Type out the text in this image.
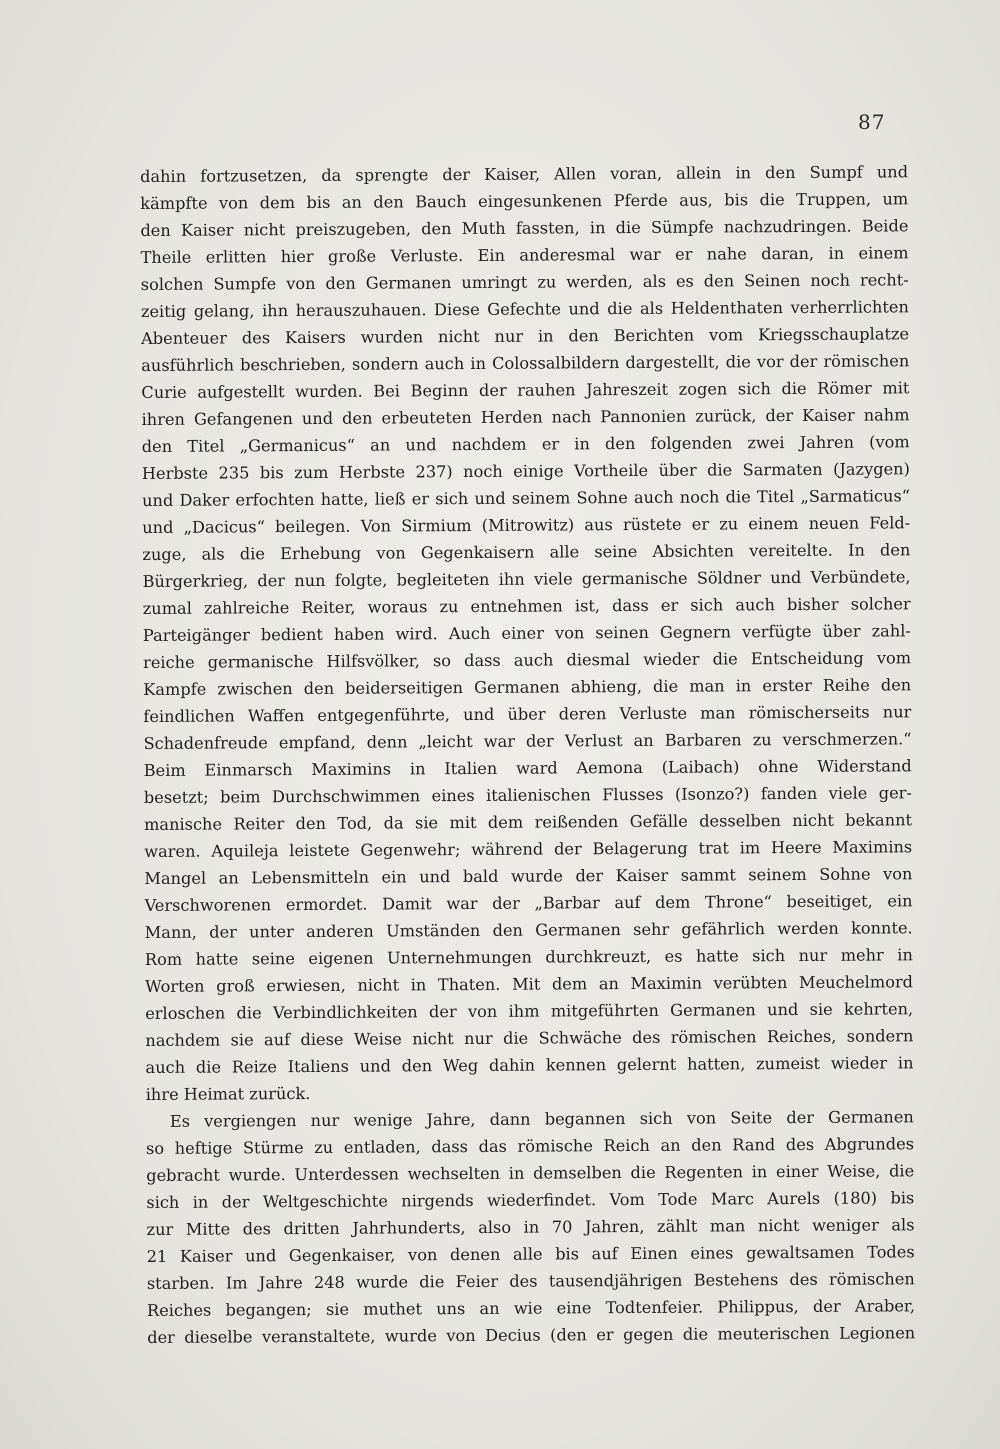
87
dahin fortzusetzen, da sprengte der Kaiser, Allen voran, allein in den Sumpf und
kämpfte von dem bis an den Bauch eingesunkenen Pferde aus, bis die Truppen, um
den Kaiser nicht preiszugeben, den Muth fassten, in die Sümpfe nachzudringen. Beide
Theile erlitten hier große Verluste. Ein anderesmal war er nahe daran, in einem
solchen Sumpfe von den Germanen umringt zu werden, als es den Seinen noch recht-
zeitig gelang, ihn herauszuhauen. Diese Gefechte und die als Heldenthaten verherrlichten
Abenteuer des Kaisers wurden nicht nur in den Berichten vom Kriegsschauplatze
ausführlich beschrieben, sondern auch in Colossalbildern dargestellt, die vor der römischen
Curie aufgestellt wurden. Bei Beginn der rauhen Jahreszeit zogen sich die Römer mit
ihren Gefangenen und den erbeuteten Herden nach Pannonien zurück, der Kaiser nahm
den Titel „Germanicus“ an und nachdem er in den folgenden zwei Jahren (vom
Herbste 235 bis zum Herbste 237) noch einige Vortheile über die Sarmaten (Jazygen)
und Daker erfochten hatte, ließ er sich und seinem Sohne auch noch die Titel „Sarmaticus“
und „Dacicus“ beilegen. Von Sirmium (Mitrowitz) aus rüstete er zu einem neuen Feld-
zuge, als die Erhebung von Gegenkaisern alle seine Absichten vereitelte. In den
Bürgerkrieg, der nun folgte, begleiteten ihn viele germanische Söldner und Verbündete,
zumal zahlreiche Reiter, woraus zu entnehmen ist, dass er sich auch bisher solcher
Parteigänger bedient haben wird. Auch einer von seinen Gegnern verfügte über zahl-
reiche germanische Hilfsvölker, so dass auch diesmal wieder die Entscheidung vom
Kampfe zwischen den beiderseitigen Germanen abhieng, die man in erster Reihe den
feindlichen Waffen entgegenführte, und über deren Verluste man römischerseits nur
Schadenfreude empfand, denn „leicht war der Verlust an Barbaren zu verschmerzen.“
Beim Einmarsch Maximins in Italien ward Aemona (Laibach) ohne Widerstand
besetzt; beim Durchschwimmen eines italienischen Flusses (Isonzo?) fanden viele ger-
manische Reiter den Tod, da sie mit dem reißenden Gefälle desselben nicht bekannt
waren. Aquileja leistete Gegenwehr; während der Belagerung trat im Heere Maximins
Mangel an Lebensmitteln ein und bald wurde der Kaiser sammt seinem Sohne von
Verschworenen ermordet. Damit war der „Barbar auf dem Throne“ beseitiget, ein
Mann, der unter anderen Umständen den Germanen sehr gefährlich werden konnte.
Rom hatte seine eigenen Unternehmungen durchkreuzt, es hatte sich nur mehr in
Worten groß erwiesen, nicht in Thaten. Mit dem an Maximin verübten Meuchelmord
erloschen die Verbindlichkeiten der von ihm mitgeführten Germanen und sie kehrten,
nachdem sie auf diese Weise nicht nur die Schwäche des römischen Reiches, sondern
auch die Reize Italiens und den Weg dahin kennen gelernt hatten, zumeist wieder in
ihre Heimat zurück.
Es vergiengen nur wenige Jahre, dann begannen sich von Seite der Germanen
so heftige Stürme zu entladen, dass das römische Reich an den Rand des Abgrundes
gebracht wurde. Unterdessen wechselten in demselben die Regenten in einer Weise, die
sich in der Weltgeschichte nirgends wiederfindet. Vom Tode Marc Aurels (180) bis
zur Mitte des dritten Jahrhunderts, also in 70 Jahren, zählt man nicht weniger als
21 Kaiser und Gegenkaiser, von denen alle bis auf Einen eines gewaltsamen Todes
starben. Im Jahre 248 wurde die Feier des tausendjährigen Bestehens des römischen
Reiches begangen; sie muthet uns an wie eine Todtenfeier. Philippus, der Araber,
der dieselbe veranstaltete, wurde von Decius (den er gegen die meuterischen Legionen
